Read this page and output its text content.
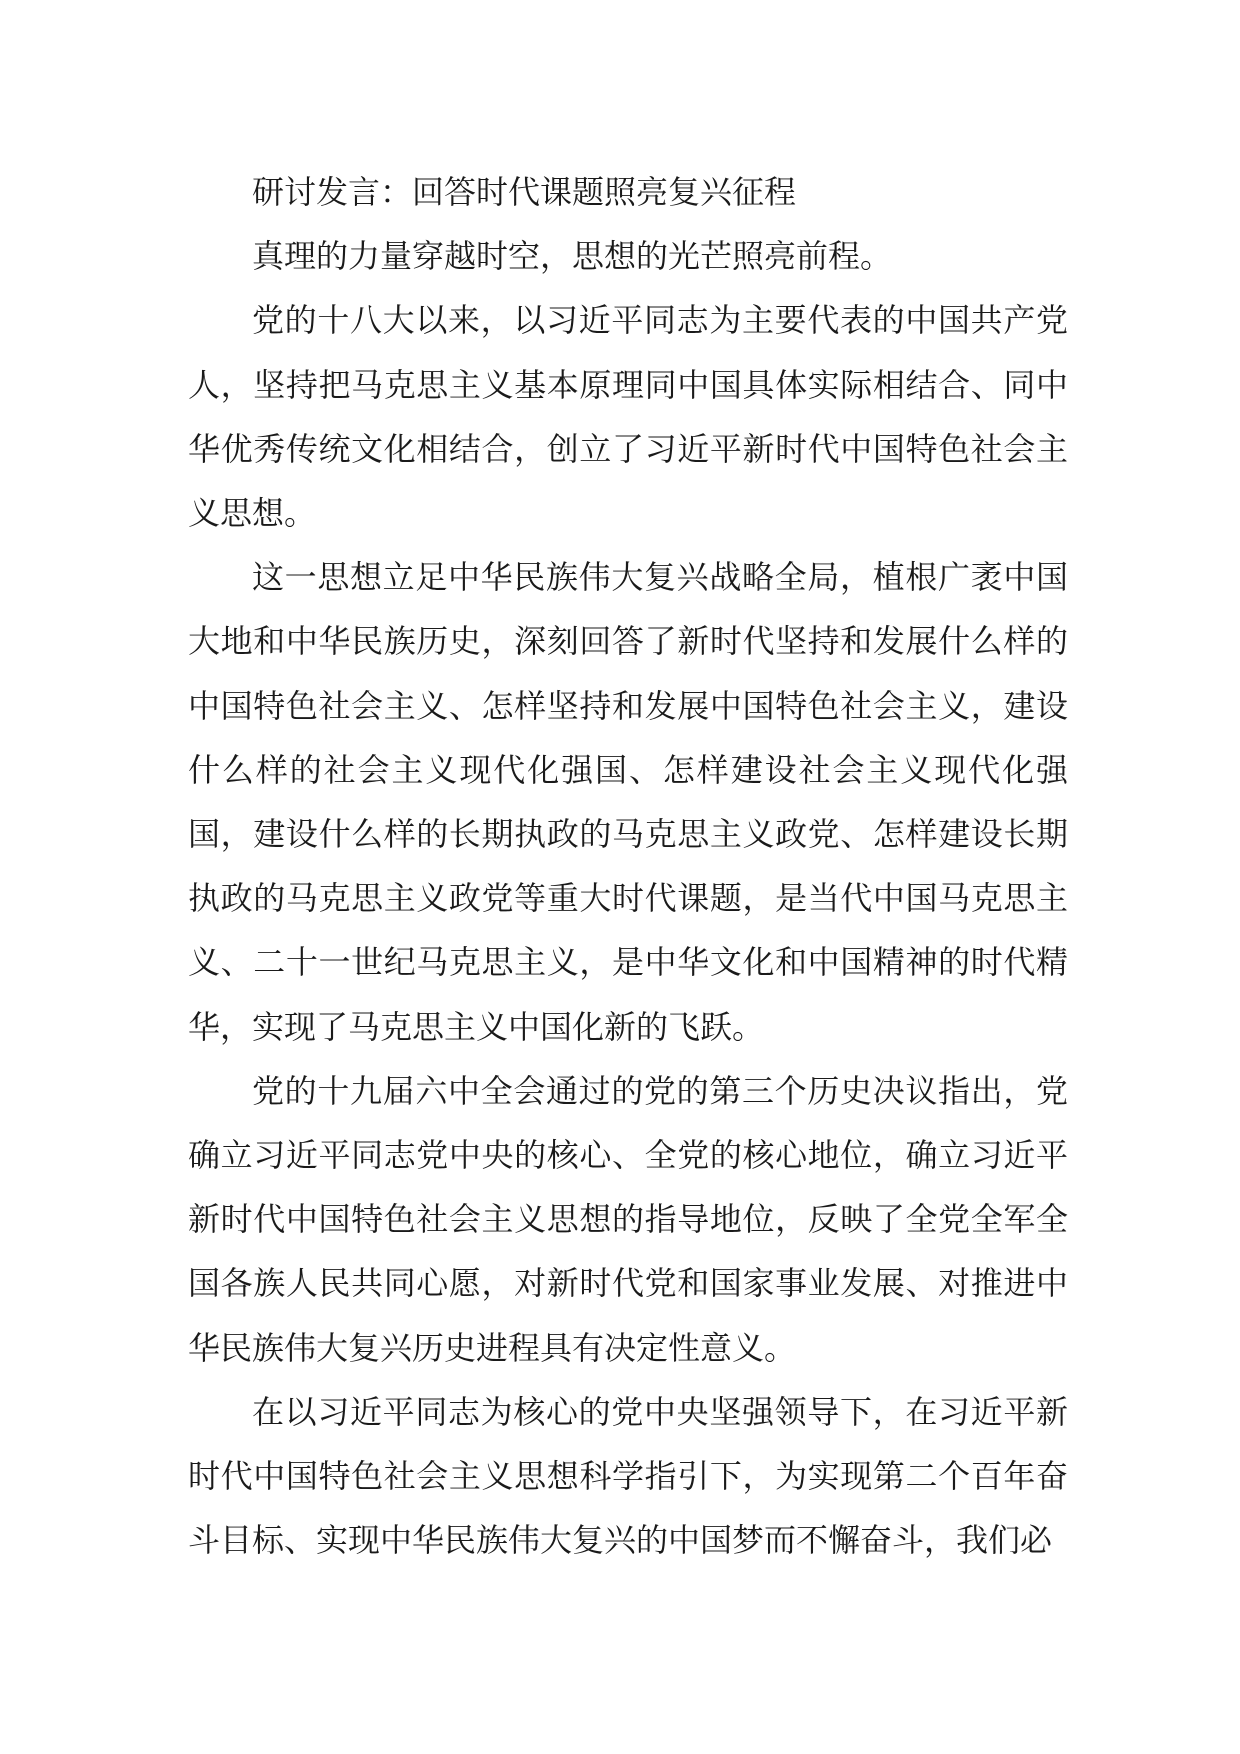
研讨发言：回答时代课题照亮复兴征程

真理的力量穿越时空，思想的光芒照亮前程。

党的十八大以来，以习近平同志为主要代表的中国共产党人，坚持把马克思主义基本原理同中国具体实际相结合、同中华优秀传统文化相结合，创立了习近平新时代中国特色社会主义思想。

这一思想立足中华民族伟大复兴战略全局，植根广袤中国大地和中华民族历史，深刻回答了新时代坚持和发展什么样的中国特色社会主义、怎样坚持和发展中国特色社会主义，建设什么样的社会主义现代化强国、怎样建设社会主义现代化强国，建设什么样的长期执政的马克思主义政党、怎样建设长期执政的马克思主义政党等重大时代课题，是当代中国马克思主义、二十一世纪马克思主义，是中华文化和中国精神的时代精华，实现了马克思主义中国化新的飞跃。

党的十九届六中全会通过的党的第三个历史决议指出，党确立习近平同志党中央的核心、全党的核心地位，确立习近平新时代中国特色社会主义思想的指导地位，反映了全党全军全国各族人民共同心愿，对新时代党和国家事业发展、对推进中华民族伟大复兴历史进程具有决定性意义。

在以习近平同志为核心的党中央坚强领导下，在习近平新时代中国特色社会主义思想科学指引下，为实现第二个百年奋斗目标、实现中华民族伟大复兴的中国梦而不懈奋斗，我们必
